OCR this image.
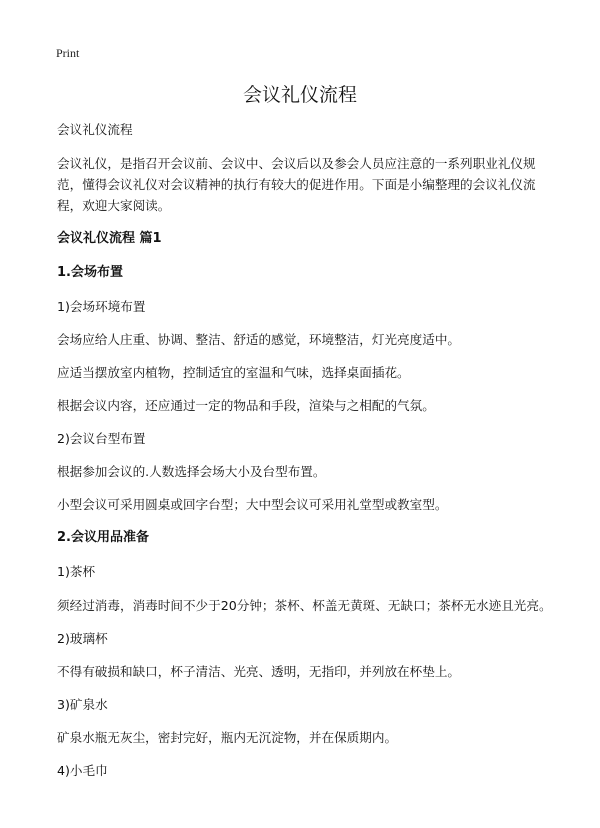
Print
会议礼仪流程

会议礼仪流程

会议礼仪，是指召开会议前、会议中、会议后以及参会人员应注意的一系列职业礼仪规范，懂得会议礼仪对会议精神的执行有较大的促进作用。下面是小编整理的会议礼仪流程，欢迎大家阅读。

会议礼仪流程 篇1

1.会场布置

1)会场环境布置

会场应给人庄重、协调、整洁、舒适的感觉，环境整洁，灯光亮度适中。

应适当摆放室内植物，控制适宜的室温和气味，选择桌面插花。

根据会议内容，还应通过一定的物品和手段，渲染与之相配的气氛。

2)会议台型布置

根据参加会议的.人数选择会场大小及台型布置。

小型会议可采用圆桌或回字台型；大中型会议可采用礼堂型或教室型。

2.会议用品准备

1)茶杯

须经过消毒，消毒时间不少于20分钟；茶杯、杯盖无黄斑、无缺口；茶杯无水迹且光亮。

2)玻璃杯

不得有破损和缺口，杯子清洁、光亮、透明，无指印，并列放在杯垫上。

3)矿泉水

矿泉水瓶无灰尘，密封完好，瓶内无沉淀物，并在保质期内。

4)小毛巾
